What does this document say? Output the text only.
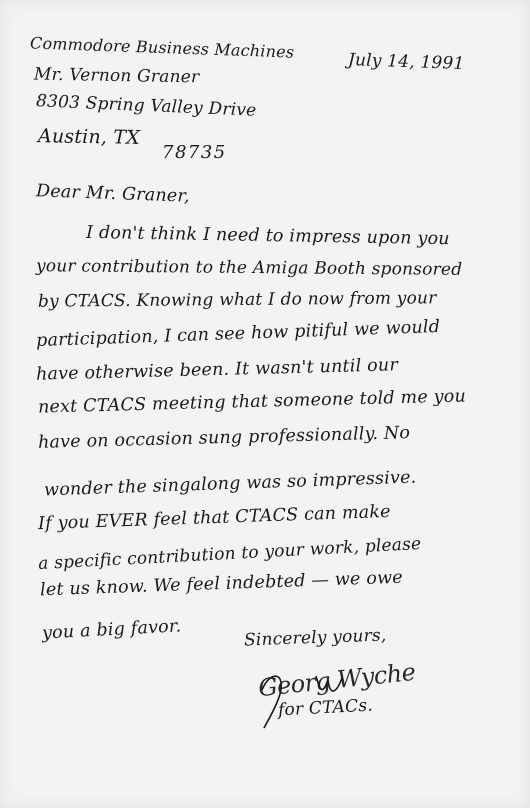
Commodore Business Machines
Mr. Vernon Graner
8303 Spring Valley Drive
Austin, TX
78735
July 14, 1991
Dear Mr. Graner,
I don't think I need to impress upon you
your contribution to the Amiga Booth sponsored
by CTACS. Knowing what I do now from your
participation, I can see how pitiful we would
have otherwise been. It wasn't until our
next CTACS meeting that someone told me you
have on occasion sung professionally. No
wonder the singalong was so impressive.
If you EVER feel that CTACS can make
a specific contribution to your work, please
let us know. We feel indebted — we owe
you a big favor.	Sincerely yours,
Georg Wyche
for CTACs.
